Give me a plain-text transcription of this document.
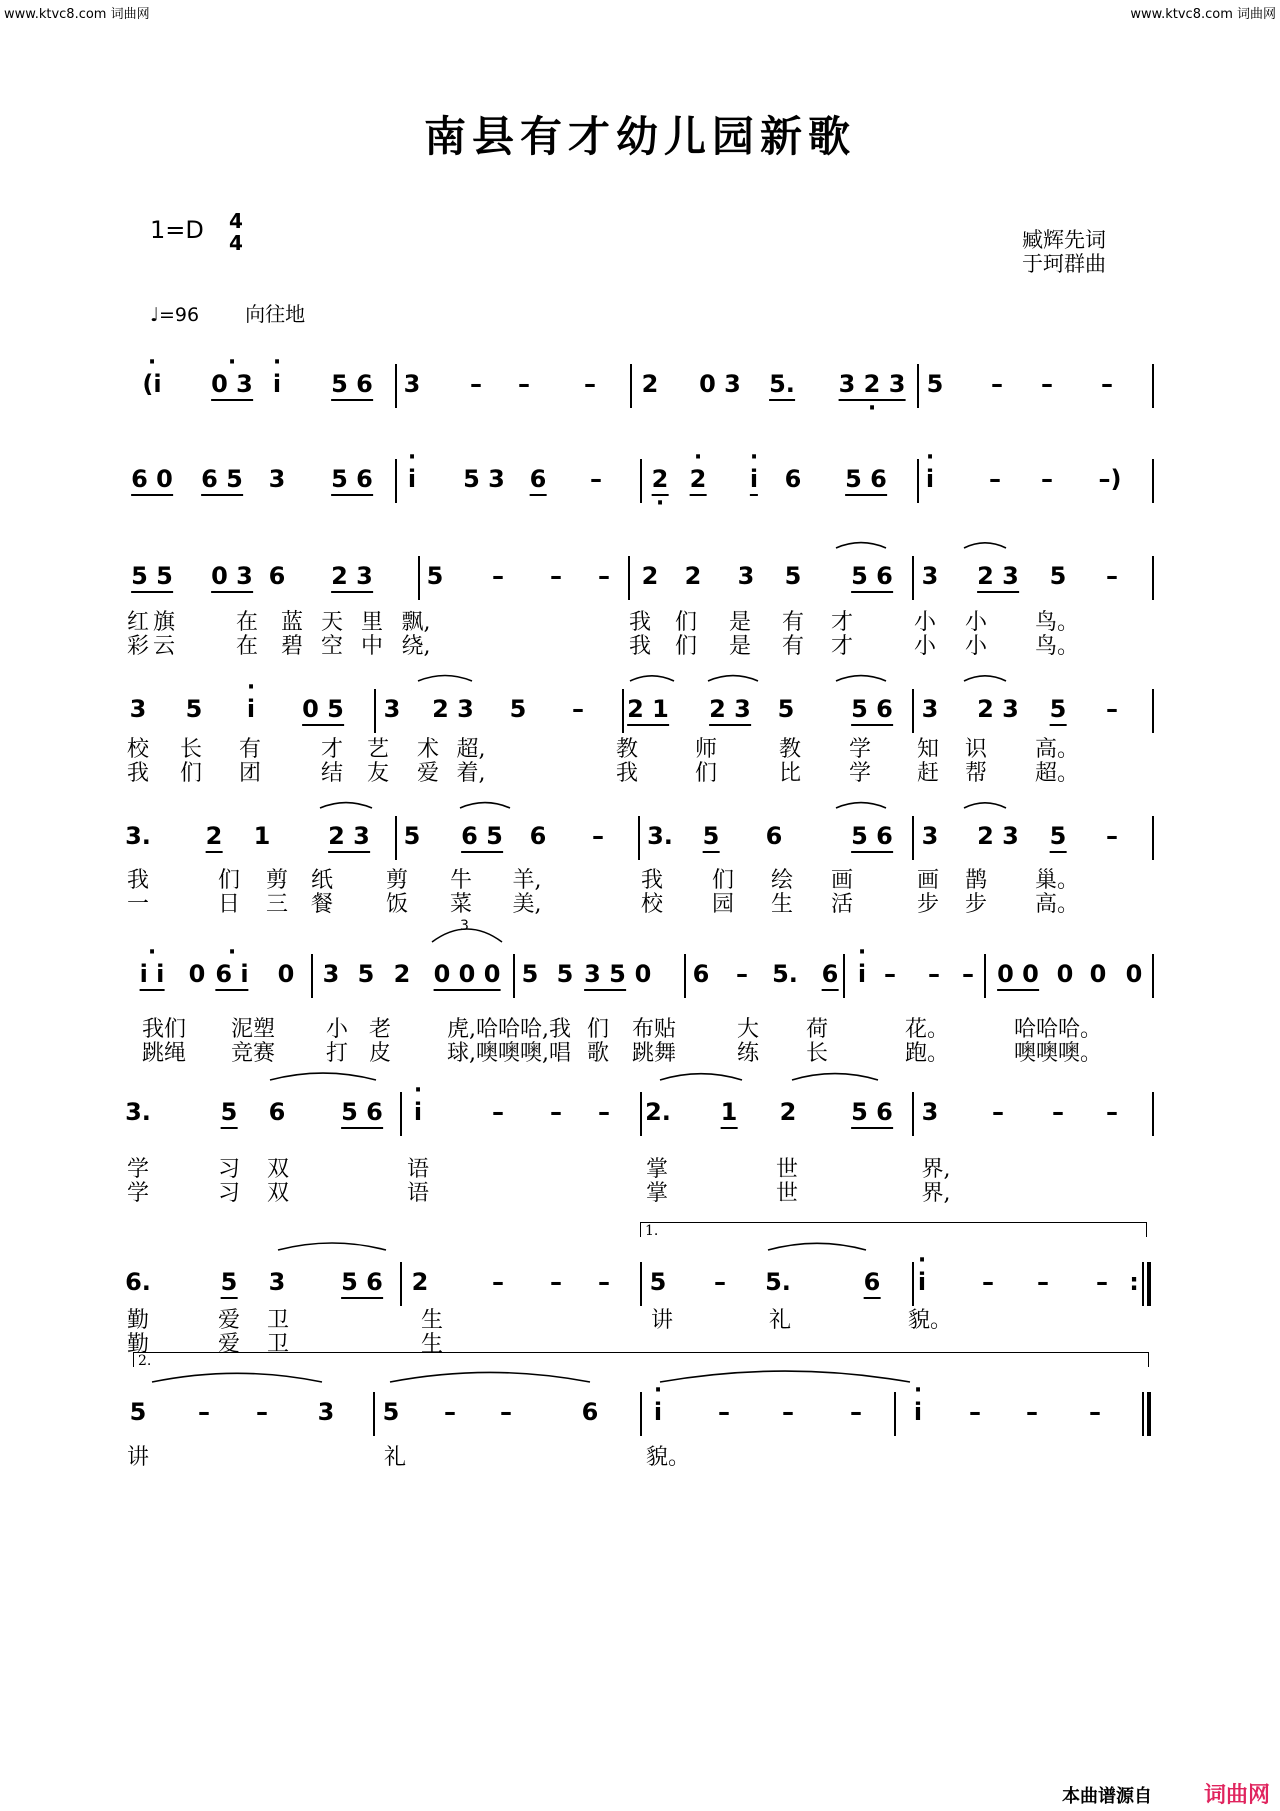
www.ktvc8.com 词曲网	www.ktvc8.com 词曲网
南县有才幼儿园新歌
1=D 4
4	臧辉先词
于珂群曲
♩=96 向往地
· (i · 0 3 · i 5 6 3 – – – 2 0 3 5. 3 2 3 · 5 – – –
6 0 6 5 3 5 6 · i 5 3 6 – 2 · · 2 · i 6 5 6 · i – – –)
5 5 0 3 6 2 3 5 – – – 2 2 3 5 5 6 3 2 3 5 –
红 旗	在 蓝 天 里 飘,	我 们 是 有 才	小 小 鸟。
彩 云	在 碧 空 中 绕,	我 们 是 有 才	小 小 鸟。
3 5 · i 0 5 3 2 3 5 – 2 1 2 3 5 5 6 3 2 3 5 –
校 长 有	才 艺 术 超,	教	师	教 学 知 识 高。
我 们 团	结 友 爱 着,	我	们	比 学 赶 帮 超。
3. 2 1 2 3 5 6 5 6 – 3. 5 6	5 6 3 2 3 5 –
我	们 剪 纸 剪 牛 羊,	我 们 绘 画	画 鹊 巢。
一	日 三 餐 饭 菜 美,	校 园 生 活	步 步 高。
· i i 0 · 6 i 0 3 5 2 0 0 0 5 5 3 5 0 6 – 5. 6 · i – – – 0 0 0 0 0
3
我们 泥塑 小 老	虎,哈哈哈,我 们 布贴	大 荷	花。	哈哈哈。
跳绳 竞赛 打 皮	球,噢噢噢,唱 歌 跳舞	练 长	跑。	噢噢噢。
3.	5 6 5 6 · i	– – – 2. 1 2 5 6 3 – – –
学	习 双	语	掌	世	界,
学	习 双	语	掌	世	界,
6.	5 3 5 6 2	– – – 5 – 5.	6 · i – – – :
1.
勤	爱 卫	生	讲	礼	貌。
勤	爱 卫	生
5 – – 3 5 – –	6 · i – – – · i – – –
2.
讲	礼	貌。
本曲谱源自 词曲网
